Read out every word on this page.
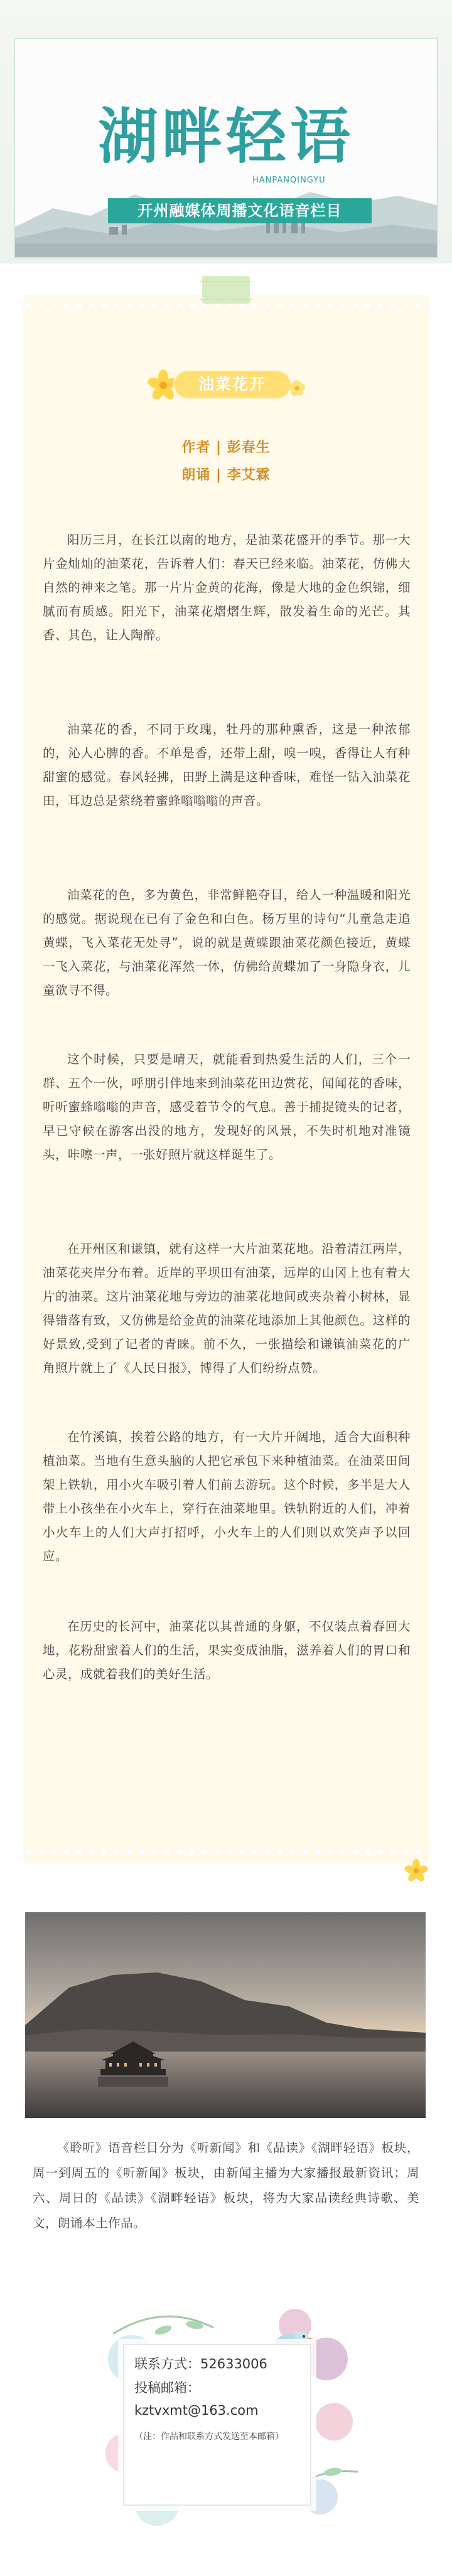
湖畔轻语
HANPANQINGYU
开州融媒体周播文化语音栏目
油菜花开
作者 | 彭春生
朗诵 | 李艾霖

阳历三月，在长江以南的地方，是油菜花盛开的季节。那一大片金灿灿的油菜花，告诉着人们：春天已经来临。油菜花，仿佛大自然的神来之笔。那一片片金黄的花海，像是大地的金色织锦，细腻而有质感。阳光下，油菜花熠熠生辉，散发着生命的光芒。其香、其色，让人陶醉。

油菜花的香，不同于玫瑰，牡丹的那种熏香，这是一种浓郁的，沁人心脾的香。不单是香，还带上甜，嗅一嗅，香得让人有种甜蜜的感觉。春风轻拂，田野上满是这种香味，难怪一钻入油菜花田，耳边总是萦绕着蜜蜂嗡嗡嗡的声音。

油菜花的色，多为黄色，非常鲜艳夺目，给人一种温暖和阳光的感觉。据说现在已有了金色和白色。杨万里的诗句“儿童急走追黄蝶，飞入菜花无处寻”，说的就是黄蝶跟油菜花颜色接近，黄蝶一飞入菜花，与油菜花浑然一体，仿佛给黄蝶加了一身隐身衣，儿童欲寻不得。

这个时候，只要是晴天，就能看到热爱生活的人们，三个一群、五个一伙，呼朋引伴地来到油菜花田边赏花，闻闻花的香味，听听蜜蜂嗡嗡的声音，感受着节令的气息。善于捕捉镜头的记者，早已守候在游客出没的地方，发现好的风景，不失时机地对准镜头，咔嚓一声，一张好照片就这样诞生了。

在开州区和谦镇，就有这样一大片油菜花地。沿着清江两岸，油菜花夹岸分布着。近岸的平坝田有油菜，远岸的山冈上也有着大片的油菜。这片油菜花地与旁边的油菜花地间或夹杂着小树林，显得错落有致，又仿佛是给金黄的油菜花地添加上其他颜色。这样的好景致,受到了记者的青睐。前不久，一张描绘和谦镇油菜花的广角照片就上了《人民日报》，博得了人们纷纷点赞。

在竹溪镇，挨着公路的地方，有一大片开阔地，适合大面积种植油菜。当地有生意头脑的人把它承包下来种植油菜。在油菜田间架上铁轨，用小火车吸引着人们前去游玩。这个时候，多半是大人带上小孩坐在小火车上，穿行在油菜地里。铁轨附近的人们，冲着小火车上的人们大声打招呼，小火车上的人们则以欢笑声予以回应。

在历史的长河中，油菜花以其普通的身躯，不仅装点着春回大地，花粉甜蜜着人们的生活，果实变成油脂，滋养着人们的胃口和心灵，成就着我们的美好生活。

《聆听》语音栏目分为《听新闻》和《品读》《湖畔轻语》板块，周一到周五的《听新闻》板块，由新闻主播为大家播报最新资讯；周六、周日的《品读》《湖畔轻语》板块，将为大家品读经典诗歌、美文，朗诵本土作品。

联系方式：52633006
投稿邮箱：
kztvxmt@163.com
（注：作品和联系方式发送至本邮箱）
